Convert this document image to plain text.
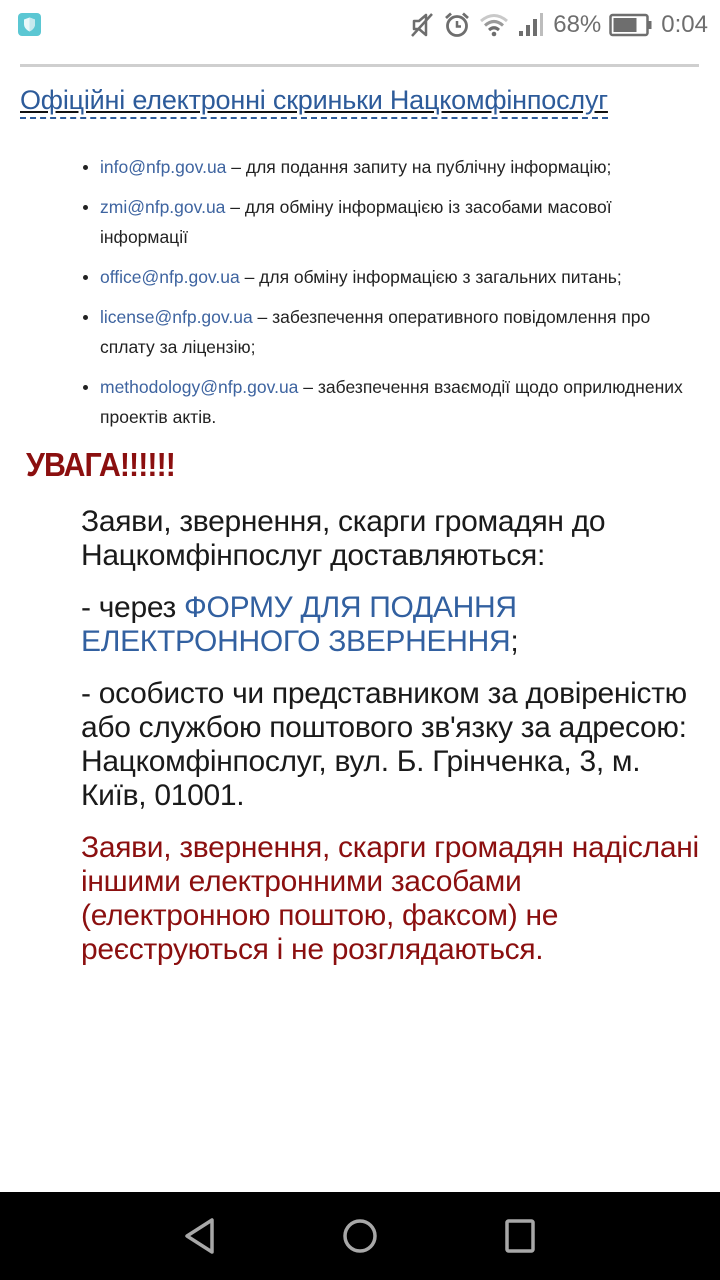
68%	0:04
Офіційні електронні скриньки Нацкомфінпослуг
info@nfp.gov.ua – для подання запиту на публічну інформацію;
zmi@nfp.gov.ua – для обміну інформацією із засобами масової інформації
office@nfp.gov.ua – для обміну інформацією з загальних питань;
license@nfp.gov.ua – забезпечення оперативного повідомлення про сплату за ліцензію;
methodology@nfp.gov.ua – забезпечення взаємодії щодо оприлюднених проектів актів.
УВАГА!!!!!!

Заяви, звернення, скарги громадян до Нацкомфінпослуг доставляються:

- через ФОРМУ ДЛЯ ПОДАННЯ ЕЛЕКТРОННОГО ЗВЕРНЕННЯ;

- особисто чи представником за довіреністю або службою поштового зв'язку за адресою: Нацкомфінпослуг, вул. Б. Грінченка, 3, м. Київ, 01001.

Заяви, звернення, скарги громадян надіслані іншими електронними засобами (електронною поштою, факсом) не реєструються і не розглядаються.
